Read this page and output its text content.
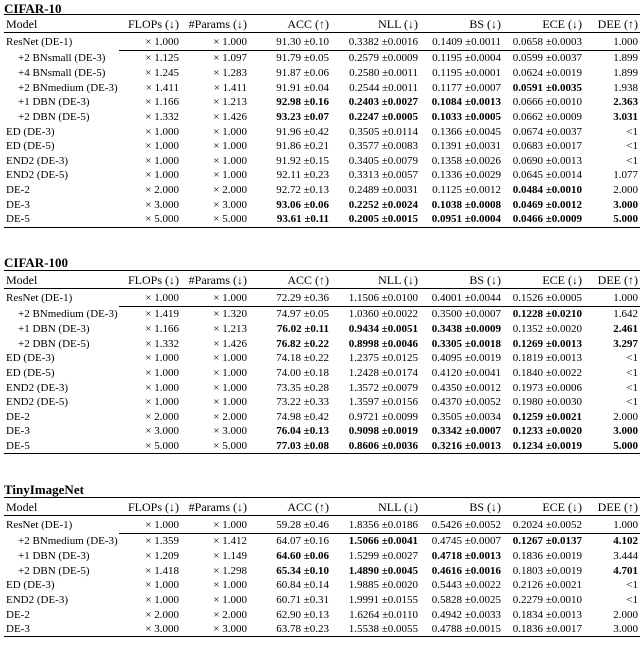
CIFAR-10
Model	FLOPs (↓)	#Params (↓)	ACC (↑)	NLL (↓)	BS (↓)	ECE (↓)	DEE (↑)
ResNet (DE-1)	× 1.000	× 1.000	91.30 ±0.10	0.3382 ±0.0016	0.1409 ±0.0011	0.0658 ±0.0003	1.000
+2 BNsmall (DE-3)	× 1.125	× 1.097	91.79 ±0.05	0.2579 ±0.0009	0.1195 ±0.0004	0.0599 ±0.0037	1.899
+4 BNsmall (DE-5)	× 1.245	× 1.283	91.87 ±0.06	0.2580 ±0.0011	0.1195 ±0.0001	0.0624 ±0.0019	1.899
+2 BNmedium (DE-3)	× 1.411	× 1.411	91.91 ±0.04	0.2544 ±0.0011	0.1177 ±0.0007	0.0591 ±0.0035	1.938
+1 DBN (DE-3)	× 1.166	× 1.213	92.98 ±0.16	0.2403 ±0.0027	0.1084 ±0.0013	0.0666 ±0.0010	2.363
+2 DBN (DE-5)	× 1.332	× 1.426	93.23 ±0.07	0.2247 ±0.0005	0.1033 ±0.0005	0.0662 ±0.0009	3.031
ED (DE-3)	× 1.000	× 1.000	91.96 ±0.42	0.3505 ±0.0114	0.1366 ±0.0045	0.0674 ±0.0037	<1
ED (DE-5)	× 1.000	× 1.000	91.86 ±0.21	0.3577 ±0.0083	0.1391 ±0.0031	0.0683 ±0.0017	<1
END2 (DE-3)	× 1.000	× 1.000	91.92 ±0.15	0.3405 ±0.0079	0.1358 ±0.0026	0.0690 ±0.0013	<1
END2 (DE-5)	× 1.000	× 1.000	92.11 ±0.23	0.3313 ±0.0057	0.1336 ±0.0029	0.0645 ±0.0014	1.077
DE-2	× 2.000	× 2.000	92.72 ±0.13	0.2489 ±0.0031	0.1125 ±0.0012	0.0484 ±0.0010	2.000
DE-3	× 3.000	× 3.000	93.06 ±0.06	0.2252 ±0.0024	0.1038 ±0.0008	0.0469 ±0.0012	3.000
DE-5	× 5.000	× 5.000	93.61 ±0.11	0.2005 ±0.0015	0.0951 ±0.0004	0.0466 ±0.0009	5.000
CIFAR-100
Model	FLOPs (↓)	#Params (↓)	ACC (↑)	NLL (↓)	BS (↓)	ECE (↓)	DEE (↑)
ResNet (DE-1)	× 1.000	× 1.000	72.29 ±0.36	1.1506 ±0.0100	0.4001 ±0.0044	0.1526 ±0.0005	1.000
+2 BNmedium (DE-3)	× 1.419	× 1.320	74.97 ±0.05	1.0360 ±0.0022	0.3500 ±0.0007	0.1228 ±0.0210	1.642
+1 DBN (DE-3)	× 1.166	× 1.213	76.02 ±0.11	0.9434 ±0.0051	0.3438 ±0.0009	0.1352 ±0.0020	2.461
+2 DBN (DE-5)	× 1.332	× 1.426	76.82 ±0.22	0.8998 ±0.0046	0.3305 ±0.0018	0.1269 ±0.0013	3.297
ED (DE-3)	× 1.000	× 1.000	74.18 ±0.22	1.2375 ±0.0125	0.4095 ±0.0019	0.1819 ±0.0013	<1
ED (DE-5)	× 1.000	× 1.000	74.00 ±0.18	1.2428 ±0.0174	0.4120 ±0.0041	0.1840 ±0.0022	<1
END2 (DE-3)	× 1.000	× 1.000	73.35 ±0.28	1.3572 ±0.0079	0.4350 ±0.0012	0.1973 ±0.0006	<1
END2 (DE-5)	× 1.000	× 1.000	73.22 ±0.33	1.3597 ±0.0156	0.4370 ±0.0052	0.1980 ±0.0030	<1
DE-2	× 2.000	× 2.000	74.98 ±0.42	0.9721 ±0.0099	0.3505 ±0.0034	0.1259 ±0.0021	2.000
DE-3	× 3.000	× 3.000	76.04 ±0.13	0.9098 ±0.0019	0.3342 ±0.0007	0.1233 ±0.0020	3.000
DE-5	× 5.000	× 5.000	77.03 ±0.08	0.8606 ±0.0036	0.3216 ±0.0013	0.1234 ±0.0019	5.000
TinyImageNet
Model	FLOPs (↓)	#Params (↓)	ACC (↑)	NLL (↓)	BS (↓)	ECE (↓)	DEE (↑)
ResNet (DE-1)	× 1.000	× 1.000	59.28 ±0.46	1.8356 ±0.0186	0.5426 ±0.0052	0.2024 ±0.0052	1.000
+2 BNmedium (DE-3)	× 1.359	× 1.412	64.07 ±0.16	1.5066 ±0.0041	0.4745 ±0.0007	0.1267 ±0.0137	4.102
+1 DBN (DE-3)	× 1.209	× 1.149	64.60 ±0.06	1.5299 ±0.0027	0.4718 ±0.0013	0.1836 ±0.0019	3.444
+2 DBN (DE-5)	× 1.418	× 1.298	65.34 ±0.10	1.4890 ±0.0045	0.4616 ±0.0016	0.1803 ±0.0019	4.701
ED (DE-3)	× 1.000	× 1.000	60.84 ±0.14	1.9885 ±0.0020	0.5443 ±0.0022	0.2126 ±0.0021	<1
END2 (DE-3)	× 1.000	× 1.000	60.71 ±0.31	1.9991 ±0.0155	0.5828 ±0.0025	0.2279 ±0.0010	<1
DE-2	× 2.000	× 2.000	62.90 ±0.13	1.6264 ±0.0110	0.4942 ±0.0033	0.1834 ±0.0013	2.000
DE-3	× 3.000	× 3.000	63.78 ±0.23	1.5538 ±0.0055	0.4788 ±0.0015	0.1836 ±0.0017	3.000
